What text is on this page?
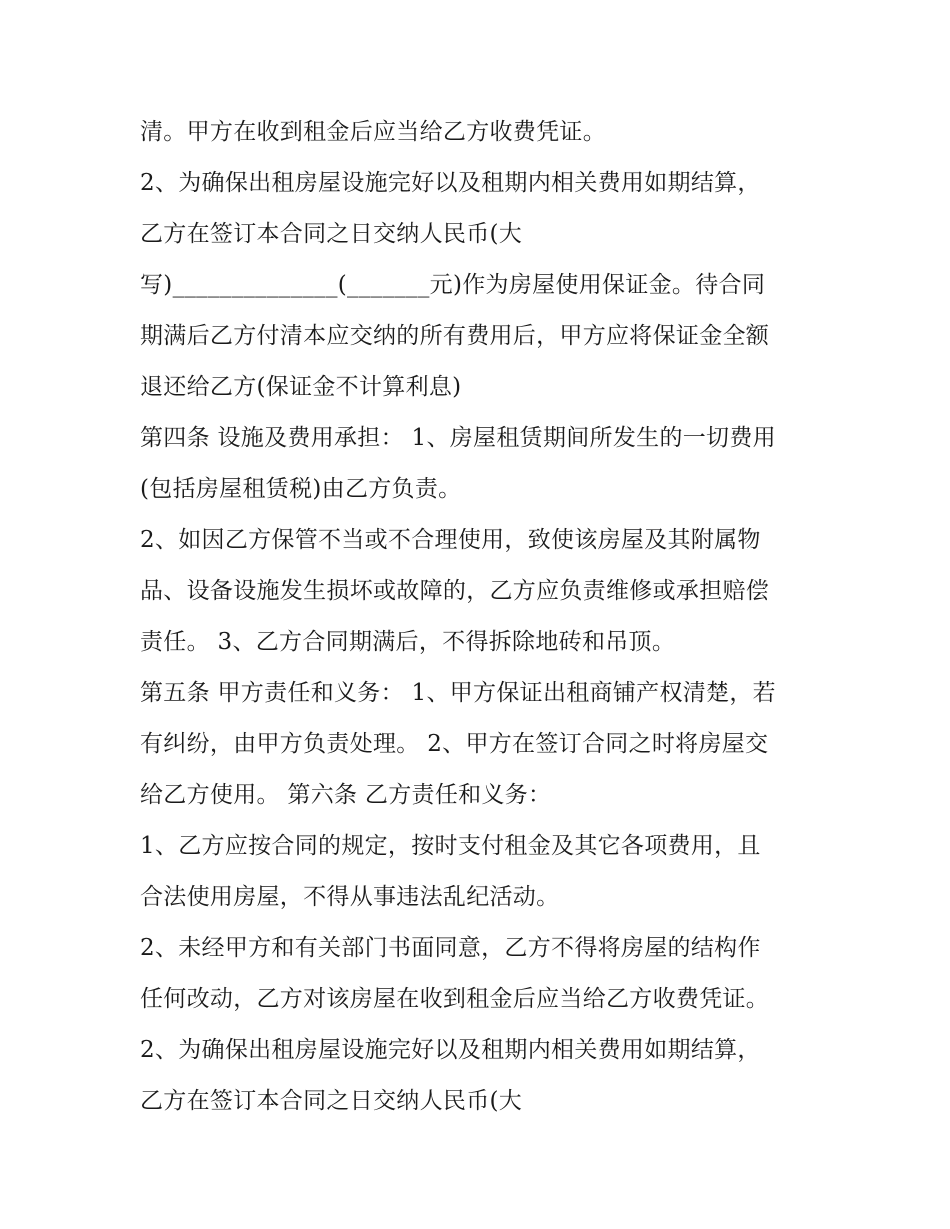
清。甲方在收到租金后应当给乙方收费凭证。
2、为确保出租房屋设施完好以及租期内相关费用如期结算，
乙方在签订本合同之日交纳人民币(大
写)______________(_______元)作为房屋使用保证金。待合同
期满后乙方付清本应交纳的所有费用后，甲方应将保证金全额
退还给乙方(保证金不计算利息)
第四条 设施及费用承担： 1、房屋租赁期间所发生的一切费用
(包括房屋租赁税)由乙方负责。
2、如因乙方保管不当或不合理使用，致使该房屋及其附属物
品、设备设施发生损坏或故障的，乙方应负责维修或承担赔偿
责任。 3、乙方合同期满后，不得拆除地砖和吊顶。
第五条 甲方责任和义务： 1、甲方保证出租商铺产权清楚，若
有纠纷，由甲方负责处理。 2、甲方在签订合同之时将房屋交
给乙方使用。 第六条 乙方责任和义务：
1、乙方应按合同的规定，按时支付租金及其它各项费用，且
合法使用房屋，不得从事违法乱纪活动。
2、未经甲方和有关部门书面同意，乙方不得将房屋的结构作
任何改动，乙方对该房屋在收到租金后应当给乙方收费凭证。
2、为确保出租房屋设施完好以及租期内相关费用如期结算，
乙方在签订本合同之日交纳人民币(大
